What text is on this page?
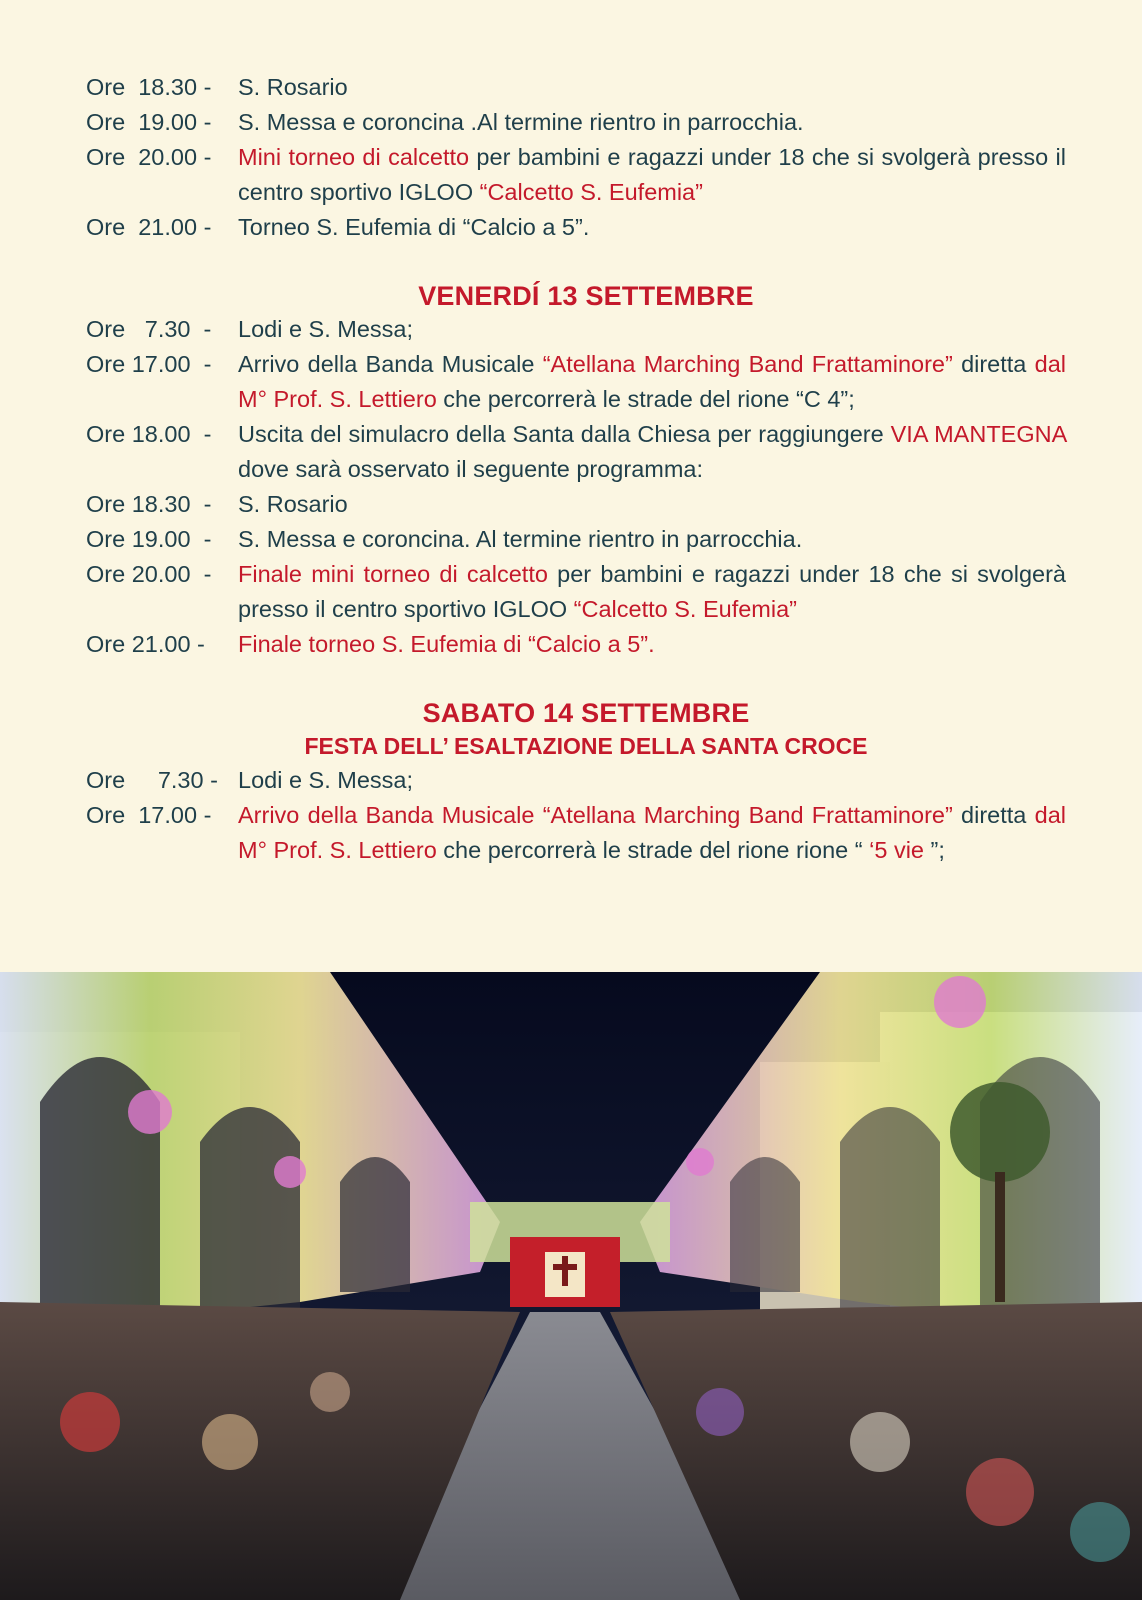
Ore  18.30 -	S. Rosario
Ore  19.00 -	S. Messa e coroncina .Al termine rientro in parrocchia.
Ore  20.00 -	Mini torneo di calcetto per bambini e ragazzi under 18 che si svolgerà presso il centro sportivo IGLOO “Calcetto S. Eufemia”
Ore  21.00 -	Torneo S. Eufemia di “Calcio a 5”.
VENERDÍ 13 SETTEMBRE
Ore   7.30  -	Lodi e S. Messa;
Ore 17.00  -	Arrivo della Banda Musicale “Atellana Marching Band Frattaminore” diretta dal M° Prof. S. Lettiero che percorrerà le strade del rione “C 4”;
Ore 18.00  -	Uscita del simulacro della Santa dalla Chiesa per raggiungere VIA MANTEGNA dove sarà osservato il seguente programma:
Ore 18.30  -	S. Rosario
Ore 19.00  -	S. Messa e coroncina. Al termine rientro in parrocchia.
Ore 20.00  -	Finale mini torneo di calcetto per bambini e ragazzi under 18 che si svolgerà presso il centro sportivo IGLOO “Calcetto S. Eufemia”
Ore 21.00 -	Finale torneo S. Eufemia di “Calcio a 5”.
SABATO 14 SETTEMBRE
FESTA DELL’ ESALTAZIONE DELLA SANTA CROCE
Ore     7.30 - Lodi e S. Messa;
Ore  17.00 -	Arrivo della Banda Musicale “Atellana Marching Band Frattaminore” diretta dal M° Prof. S. Lettiero che percorrerà le strade del rione rione “ ‘5 vie ”;
